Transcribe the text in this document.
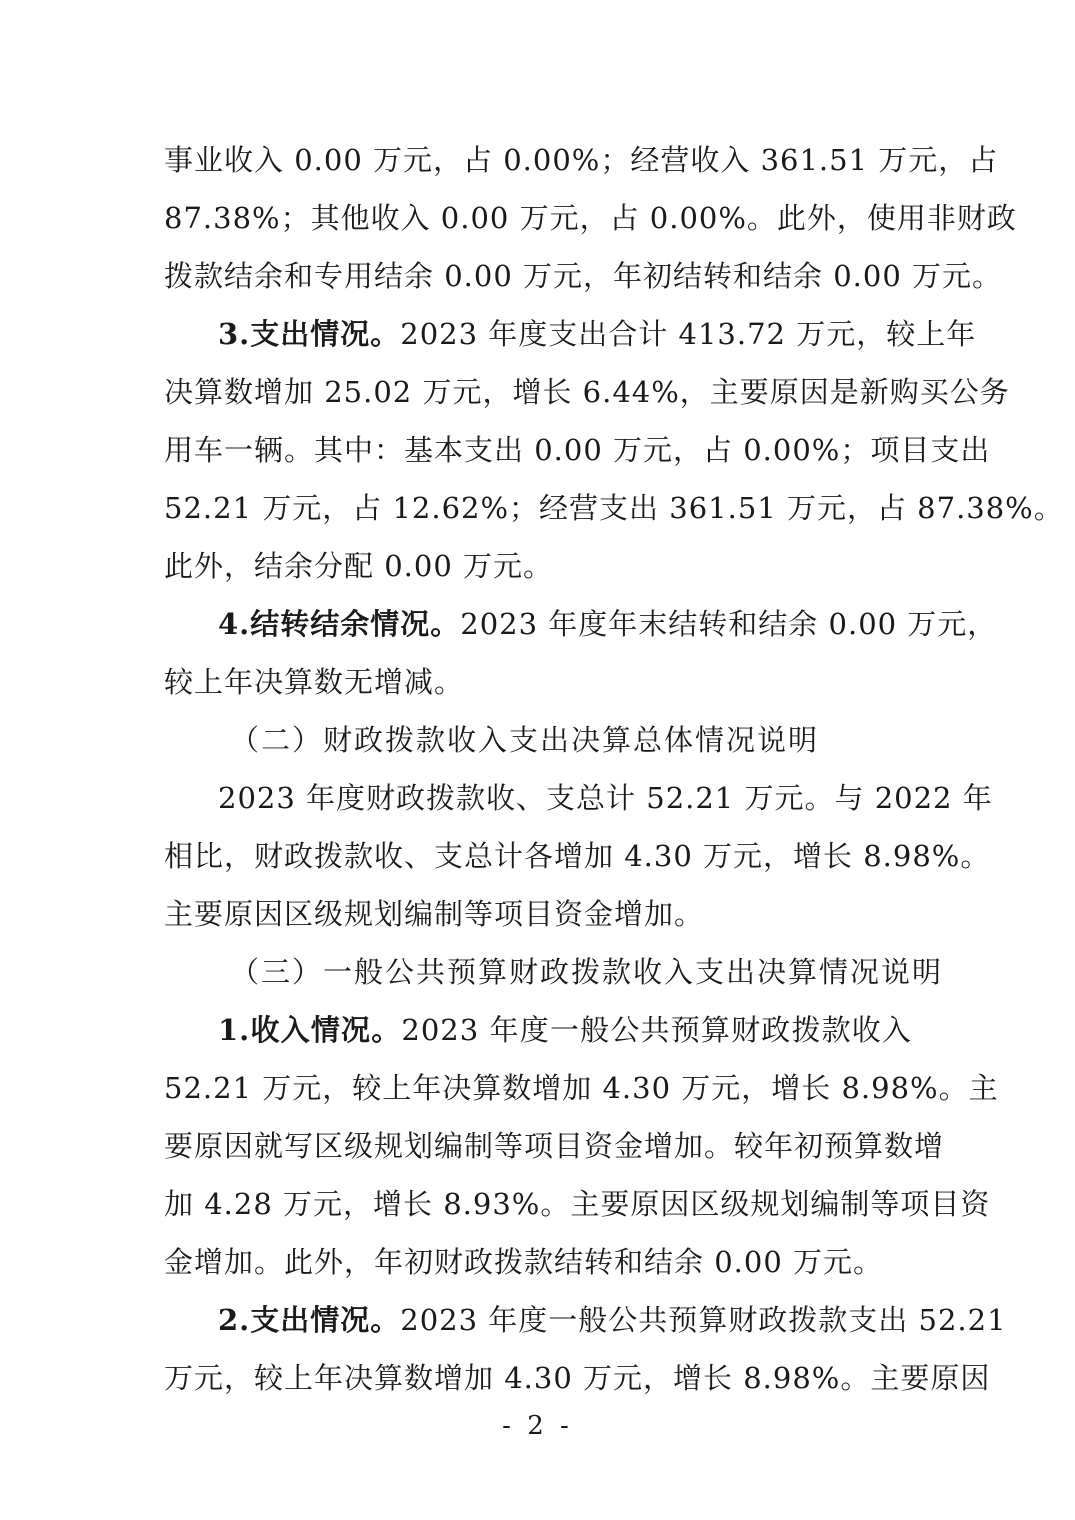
事业收入 0.00 万元，占 0.00%；经营收入 361.51 万元，占
87.38%；其他收入 0.00 万元，占 0.00%。此外，使用非财政
拨款结余和专用结余 0.00 万元，年初结转和结余 0.00 万元。
3.支出情况。2023 年度支出合计 413.72 万元，较上年
决算数增加 25.02 万元，增长 6.44%，主要原因是新购买公务
用车一辆。其中：基本支出 0.00 万元，占 0.00%；项目支出
52.21 万元，占 12.62%；经营支出 361.51 万元，占 87.38%。
此外，结余分配 0.00 万元。
4.结转结余情况。2023 年度年末结转和结余 0.00 万元，
较上年决算数无增减。
（二）财政拨款收入支出决算总体情况说明
2023 年度财政拨款收、支总计 52.21 万元。与 2022 年
相比，财政拨款收、支总计各增加 4.30 万元，增长 8.98%。
主要原因区级规划编制等项目资金增加。
（三）一般公共预算财政拨款收入支出决算情况说明
1.收入情况。2023 年度一般公共预算财政拨款收入
52.21 万元，较上年决算数增加 4.30 万元，增长 8.98%。主
要原因就写区级规划编制等项目资金增加。较年初预算数增
加 4.28 万元，增长 8.93%。主要原因区级规划编制等项目资
金增加。此外，年初财政拨款结转和结余 0.00 万元。
2.支出情况。2023 年度一般公共预算财政拨款支出 52.21
万元，较上年决算数增加 4.30 万元，增长 8.98%。主要原因
- 2 -
